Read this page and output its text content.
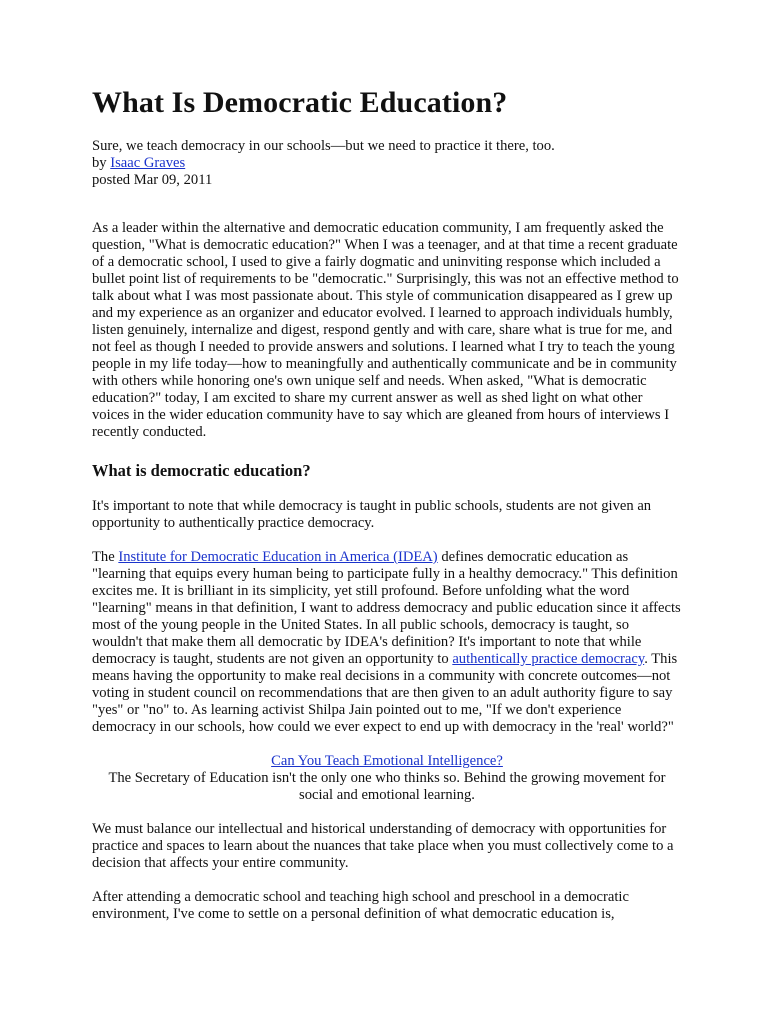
What Is Democratic Education?
Sure, we teach democracy in our schools—but we need to practice it there, too.
by Isaac Graves
posted Mar 09, 2011

As a leader within the alternative and democratic education community, I am frequently asked the question, "What is democratic education?" When I was a teenager, and at that time a recent graduate of a democratic school, I used to give a fairly dogmatic and uninviting response which included a bullet point list of requirements to be "democratic." Surprisingly, this was not an effective method to talk about what I was most passionate about. This style of communication disappeared as I grew up and my experience as an organizer and educator evolved. I learned to approach individuals humbly, listen genuinely, internalize and digest, respond gently and with care, share what is true for me, and not feel as though I needed to provide answers and solutions. I learned what I try to teach the young people in my life today—how to meaningfully and authentically communicate and be in community with others while honoring one's own unique self and needs. When asked, "What is democratic education?" today, I am excited to share my current answer as well as shed light on what other voices in the wider education community have to say which are gleaned from hours of interviews I recently conducted.

What is democratic education?

It's important to note that while democracy is taught in public schools, students are not given an opportunity to authentically practice democracy.

The Institute for Democratic Education in America (IDEA) defines democratic education as "learning that equips every human being to participate fully in a healthy democracy." This definition excites me. It is brilliant in its simplicity, yet still profound. Before unfolding what the word "learning" means in that definition, I want to address democracy and public education since it affects most of the young people in the United States. In all public schools, democracy is taught, so wouldn't that make them all democratic by IDEA's definition? It's important to note that while democracy is taught, students are not given an opportunity to authentically practice democracy. This means having the opportunity to make real decisions in a community with concrete outcomes—not voting in student council on recommendations that are then given to an adult authority figure to say "yes" or "no" to. As learning activist Shilpa Jain pointed out to me, "If we don't experience democracy in our schools, how could we ever expect to end up with democracy in the 'real' world?"

Can You Teach Emotional Intelligence?

The Secretary of Education isn't the only one who thinks so. Behind the growing movement for social and emotional learning.

We must balance our intellectual and historical understanding of democracy with opportunities for practice and spaces to learn about the nuances that take place when you must collectively come to a decision that affects your entire community.

After attending a democratic school and teaching high school and preschool in a democratic environment, I've come to settle on a personal definition of what democratic education is,
